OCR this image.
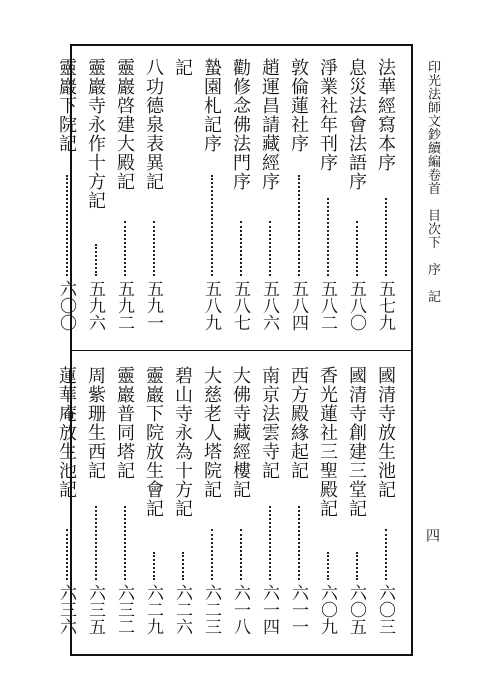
印光法師文鈔續編卷首　目次下　序　記
四
法華經寫本序
五七九
息災法會法語序
五八〇
淨業社年刊序
五八二
敦倫蓮社序
五八四
趙運昌請藏經序
五八六
勸修念佛法門序
五八七
蟄園札記序
五八九
記
八功德泉表異記
五九一
靈巖啓建大殿記
五九二
靈巖寺永作十方記
五九六
靈巖下院記
六〇〇
國清寺放生池記
六〇三
國清寺創建三堂記
六〇五
香光蓮社三聖殿記
六〇九
西方殿緣起記
六一一
南京法雲寺記
六一四
大佛寺藏經樓記
六一八
大慈老人塔院記
六二三
碧山寺永為十方記
六二六
靈巖下院放生會記
六二九
靈巖普同塔記
六三二
周紫珊生西記
六三五
蓮華庵放生池記
六三六
